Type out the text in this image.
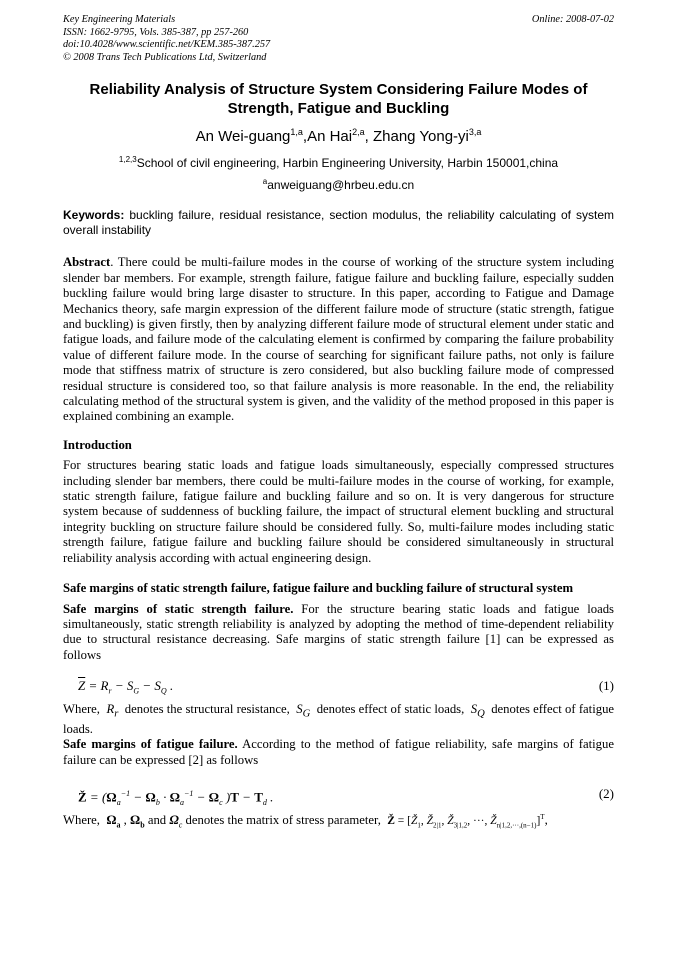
Key Engineering Materials
ISSN: 1662-9795, Vols. 385-387, pp 257-260
doi:10.4028/www.scientific.net/KEM.385-387.257
© 2008 Trans Tech Publications Ltd, Switzerland
Online: 2008-07-02
Reliability Analysis of Structure System Considering Failure Modes of Strength, Fatigue and Buckling
An Wei-guang$^{1,a}$,An Hai$^{2,a}$, Zhang Yong-yi$^{3,a}$
$^{1,2,3}$School of civil engineering, Harbin Engineering University, Harbin 150001,china
$^a$anweiguang@hrbeu.edu.cn
Keywords: buckling failure, residual resistance, section modulus, the reliability calculating of system overall instability

Abstract. There could be multi-failure modes in the course of working of the structure system including slender bar members. For example, strength failure, fatigue failure and buckling failure, especially sudden buckling failure would bring large disaster to structure. In this paper, according to Fatigue and Damage Mechanics theory, safe margin expression of the different failure mode of structure (static strength, fatigue and buckling) is given firstly, then by analyzing different failure mode of structural element under static and fatigue loads, and failure mode of the calculating element is confirmed by comparing the failure probability value of different failure mode. In the course of searching for significant failure paths, not only is failure mode that stiffness matrix of structure is zero considered, but also buckling failure mode of compressed residual structure is considered too, so that failure analysis is more reasonable. In the end, the reliability calculating method of the structural system is given, and the validity of the method proposed in this paper is explained combining an example.

Introduction

For structures bearing static loads and fatigue loads simultaneously, especially compressed structures including slender bar members, there could be multi-failure modes in the course of working, for example, static strength failure, fatigue failure and buckling failure and so on. It is very dangerous for structure system because of suddenness of buckling failure, the impact of structural element buckling and structural integrity buckling on structure failure should be considered fully. So, multi-failure modes including static strength failure, fatigue failure and buckling failure should be considered simultaneously in structural reliability analysis according with actual engineering design.

Safe margins of static strength failure, fatigue failure and buckling failure of structural system

Safe margins of static strength failure. For the structure bearing static loads and fatigue loads simultaneously, static strength reliability is analyzed by adopting the method of time-dependent reliability due to structural resistance decreasing. Safe margins of static strength failure [1] can be expressed as follows

$\overline{Z} = R_r - S_G - S_Q$ .	(1)

Where, $R_r$  denotes the structural resistance, $S_G$  denotes effect of static loads, $S_Q$  denotes effect of fatigue loads.

Safe margins of fatigue failure. According to the method of fatigue reliability, safe margins of fatigue failure can be expressed [2] as follows

Ž = ($\Omega_a^{-1} - \Omega_b \cdot \Omega_a^{-1} - \Omega_c$ )$T - T_d$ .	(2)

Where, $\Omega_a$ , $\Omega_b$ and $\Omega_c$ denotes the matrix of stress parameter, Ž = [$Ž_1$, $Ž_{2|1}$, $Ž_{3|1,2}$, ···, $Ž_{n|1,2,\cdot\cdot\cdot,(n-1)}]^T$,
